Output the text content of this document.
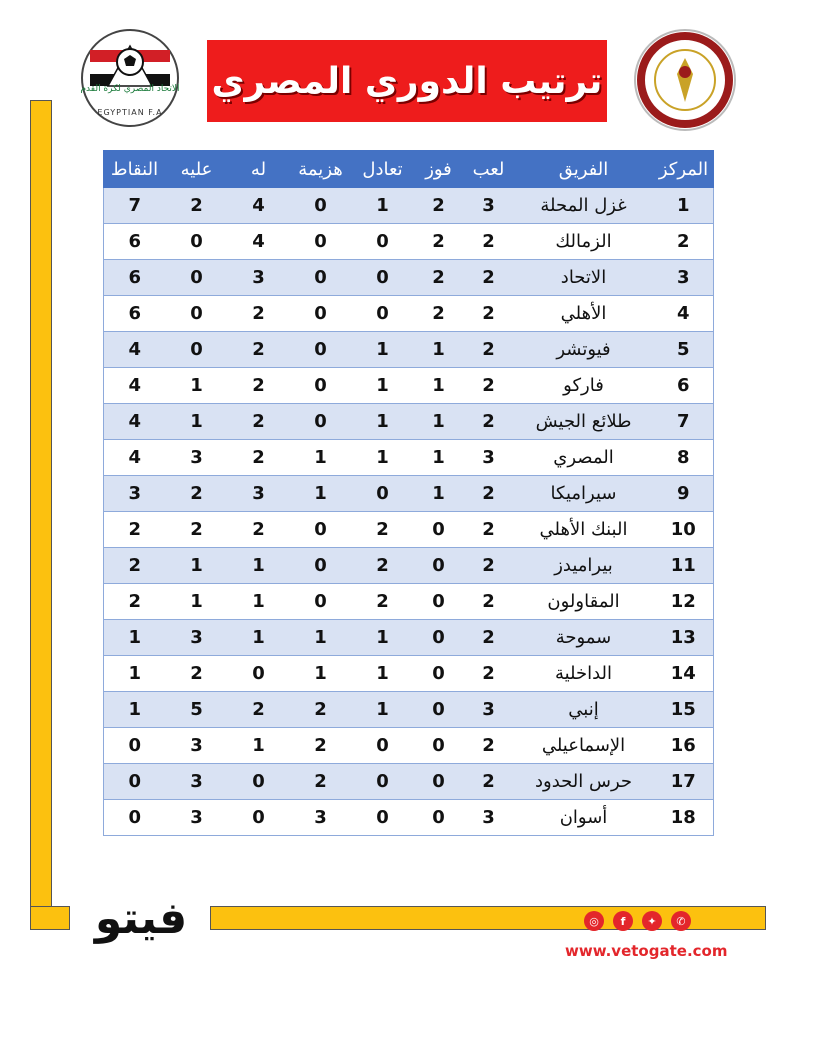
الاتحاد المصري لكرة القدم
EGYPTIAN F.A
ترتيب الدوري المصري
المركز	الفريق	لعب	فوز	تعادل	هزيمة	له	عليه	النقاط
1	غزل المحلة	3	2	1	0	4	2	7
2	الزمالك	2	2	0	0	4	0	6
3	الاتحاد	2	2	0	0	3	0	6
4	الأهلي	2	2	0	0	2	0	6
5	فيوتشر	2	1	1	0	2	0	4
6	فاركو	2	1	1	0	2	1	4
7	طلائع الجيش	2	1	1	0	2	1	4
8	المصري	3	1	1	1	2	3	4
9	سيراميكا	2	1	0	1	3	2	3
10	البنك الأهلي	2	0	2	0	2	2	2
11	بيراميدز	2	0	2	0	1	1	2
12	المقاولون	2	0	2	0	1	1	2
13	سموحة	2	0	1	1	1	3	1
14	الداخلية	2	0	1	1	0	2	1
15	إنبي	3	0	1	2	2	5	1
16	الإسماعيلي	2	0	0	2	1	3	0
17	حرس الحدود	2	0	0	2	0	3	0
18	أسوان	3	0	0	3	0	3	0
فيتو	◎	f	✦	✆
www.vetogate.com
